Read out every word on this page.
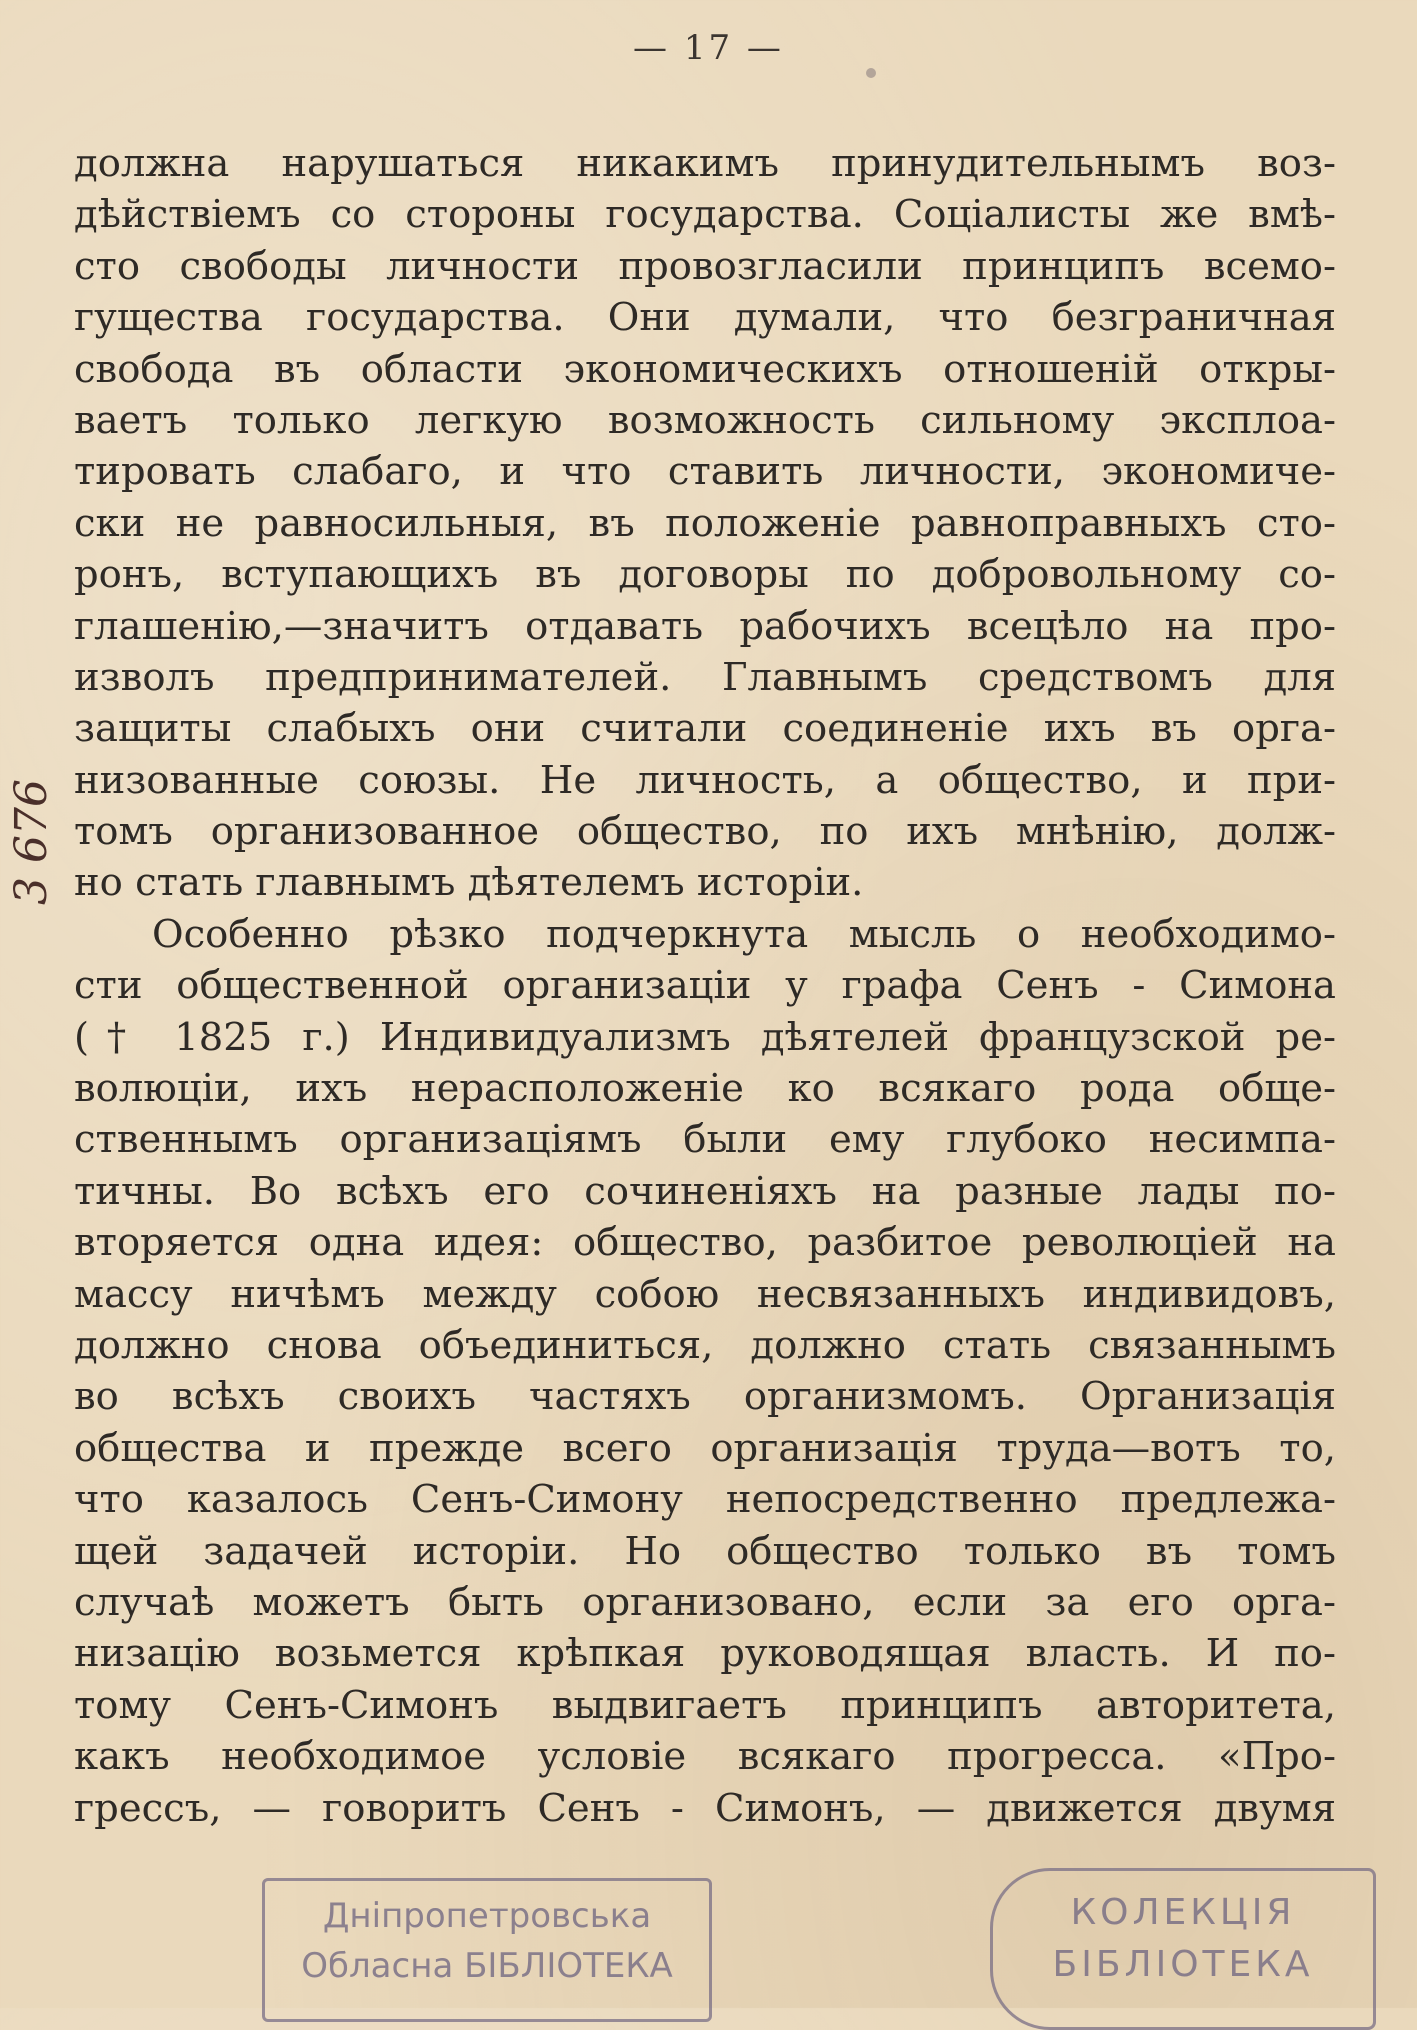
— 17 —
должна нарушаться никакимъ принудительнымъ воз-
дѣйствіемъ со стороны государства. Соціалисты же вмѣ-
сто свободы личности провозгласили принципъ всемо-
гущества государства. Они думали, что безграничная
свобода въ области экономическихъ отношеній откры-
ваетъ только легкую возможность сильному эксплоа-
тировать слабаго, и что ставить личности, экономиче-
ски не равносильныя, въ положеніе равноправныхъ сто-
ронъ, вступающихъ въ договоры по добровольному со-
глашенію,—значитъ отдавать рабочихъ всецѣло на про-
изволъ предпринимателей. Главнымъ средствомъ для
защиты слабыхъ они считали соединеніе ихъ въ орга-
низованные союзы. Не личность, а общество, и при-
томъ организованное общество, по ихъ мнѣнію, долж-
но стать главнымъ дѣятелемъ исторіи.
Особенно рѣзко подчеркнута мысль о необходимо-
сти общественной организаціи у графа Сенъ - Симона
(† 1825 г.) Индивидуализмъ дѣятелей французской ре-
волюціи, ихъ нерасположеніе ко всякаго рода обще-
ственнымъ организаціямъ были ему глубоко несимпа-
тичны. Во всѣхъ его сочиненіяхъ на разные лады по-
вторяется одна идея: общество, разбитое революціей на
массу ничѣмъ между собою несвязанныхъ индивидовъ,
должно снова объединиться, должно стать связаннымъ
во всѣхъ своихъ частяхъ организмомъ. Организація
общества и прежде всего организація труда—вотъ то,
что казалось Сенъ-Симону непосредственно предлежа-
щей задачей исторіи. Но общество только въ томъ
случаѣ можетъ быть организовано, если за его орга-
низацію возьмется крѣпкая руководящая власть. И по-
тому Сенъ-Симонъ выдвигаетъ принципъ авторитета,
какъ необходимое условіе всякаго прогресса. «Про-
грессъ, — говоритъ Сенъ - Симонъ, — движется двумя
3 676
Дніпропетровська
Обласна БІБЛІОТЕКА
КОЛЕКЦІЯ
БІБЛІОТЕКА
